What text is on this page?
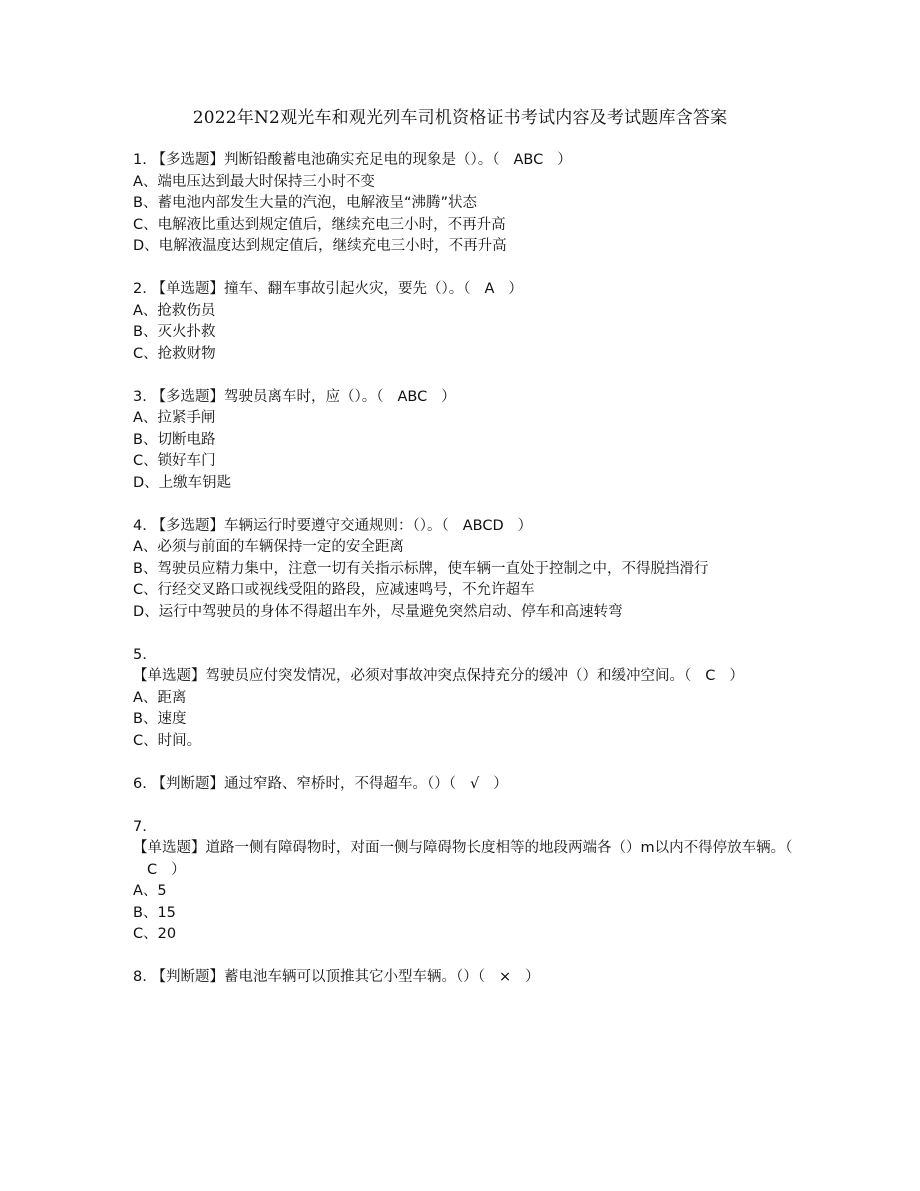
2022年N2观光车和观光列车司机资格证书考试内容及考试题库含答案
1. 【多选题】判断铅酸蓄电池确实充足电的现象是（）。（ ABC ）
A、端电压达到最大时保持三小时不变
B、蓄电池内部发生大量的汽泡，电解液呈“沸腾”状态
C、电解液比重达到规定值后，继续充电三小时，不再升高
D、电解液温度达到规定值后，继续充电三小时，不再升高
2. 【单选题】撞车、翻车事故引起火灾，要先（）。（ A ）
A、抢救伤员
B、灭火扑救
C、抢救财物
3. 【多选题】驾驶员离车时，应（）。（ ABC ）
A、拉紧手闸
B、切断电路
C、锁好车门
D、上缴车钥匙
4. 【多选题】车辆运行时要遵守交通规则：（）。（ ABCD ）
A、必须与前面的车辆保持一定的安全距离
B、驾驶员应精力集中，注意一切有关指示标牌，使车辆一直处于控制之中，不得脱挡滑行
C、行经交叉路口或视线受阻的路段，应减速鸣号，不允许超车
D、运行中驾驶员的身体不得超出车外，尽量避免突然启动、停车和高速转弯
5.
【单选题】驾驶员应付突发情况，必须对事故冲突点保持充分的缓冲（）和缓冲空间。（ C ）
A、距离
B、速度
C、时间。
6. 【判断题】通过窄路、窄桥时，不得超车。（）（ √ ）
7.
【单选题】道路一侧有障碍物时，对面一侧与障碍物长度相等的地段两端各（）m以内不得停放车辆。（C ）
A、5
B、15
C、20
8. 【判断题】蓄电池车辆可以顶推其它小型车辆。（）（ × ）
